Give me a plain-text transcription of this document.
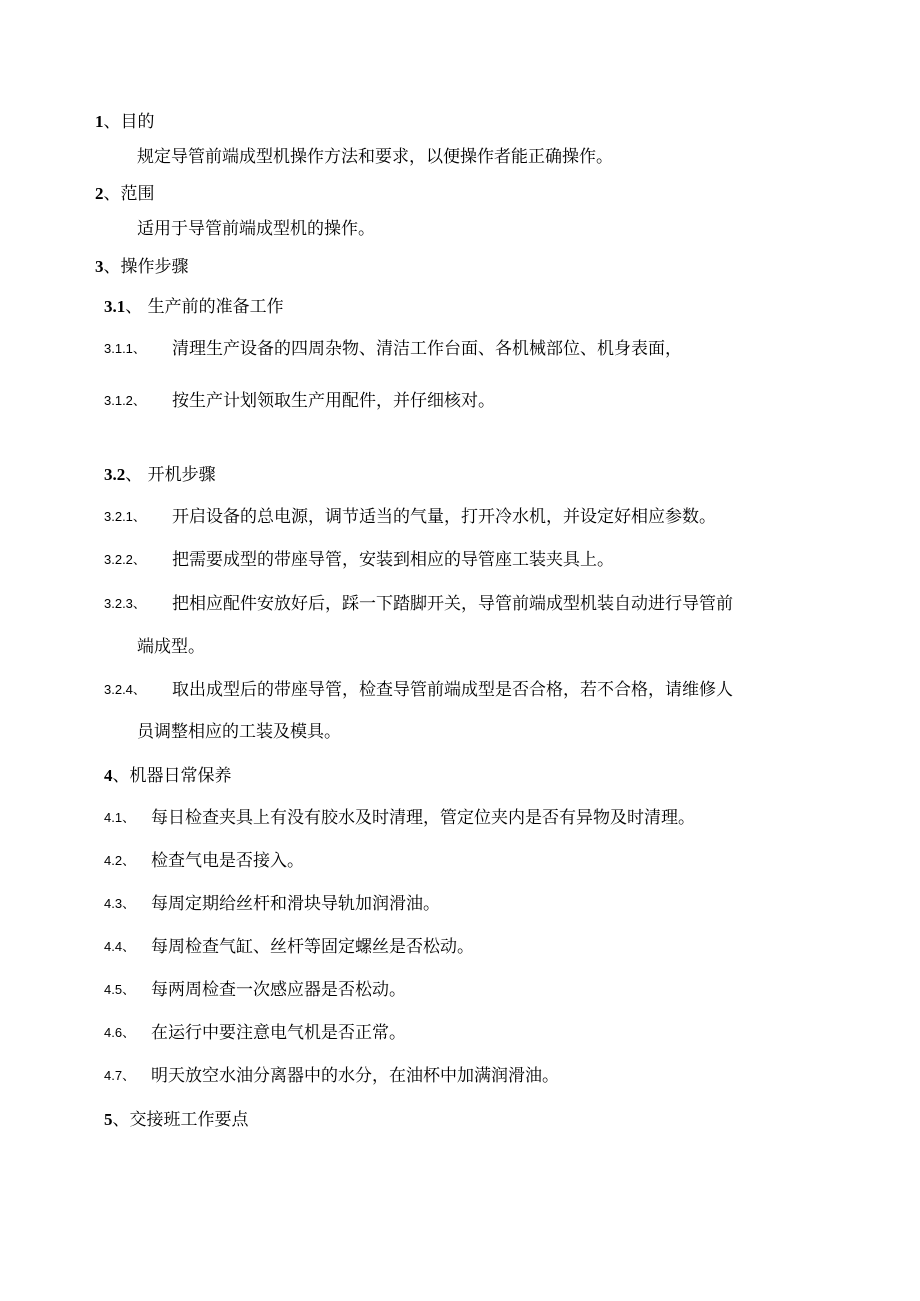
1、目的
规定导管前端成型机操作方法和要求，以便操作者能正确操作。
2、范围
适用于导管前端成型机的操作。
3、操作步骤
3.1、 生产前的准备工作
3.1.1、 清理生产设备的四周杂物、清洁工作台面、各机械部位、机身表面，
3.1.2、 按生产计划领取生产用配件，并仔细核对。
3.2、 开机步骤
3.2.1、 开启设备的总电源，调节适当的气量，打开冷水机，并设定好相应参数。
3.2.2、 把需要成型的带座导管，安装到相应的导管座工装夹具上。
3.2.3、 把相应配件安放好后，踩一下踏脚开关，导管前端成型机装自动进行导管前
端成型。
3.2.4、 取出成型后的带座导管，检查导管前端成型是否合格，若不合格，请维修人
员调整相应的工装及模具。
4、机器日常保养
4.1、 每日检查夹具上有没有胶水及时清理，管定位夹内是否有异物及时清理。
4.2、 检查气电是否接入。
4.3、 每周定期给丝杆和滑块导轨加润滑油。
4.4、 每周检查气缸、丝杆等固定螺丝是否松动。
4.5、 每两周检查一次感应器是否松动。
4.6、 在运行中要注意电气机是否正常。
4.7、 明天放空水油分离器中的水分，在油杯中加满润滑油。
5、交接班工作要点
